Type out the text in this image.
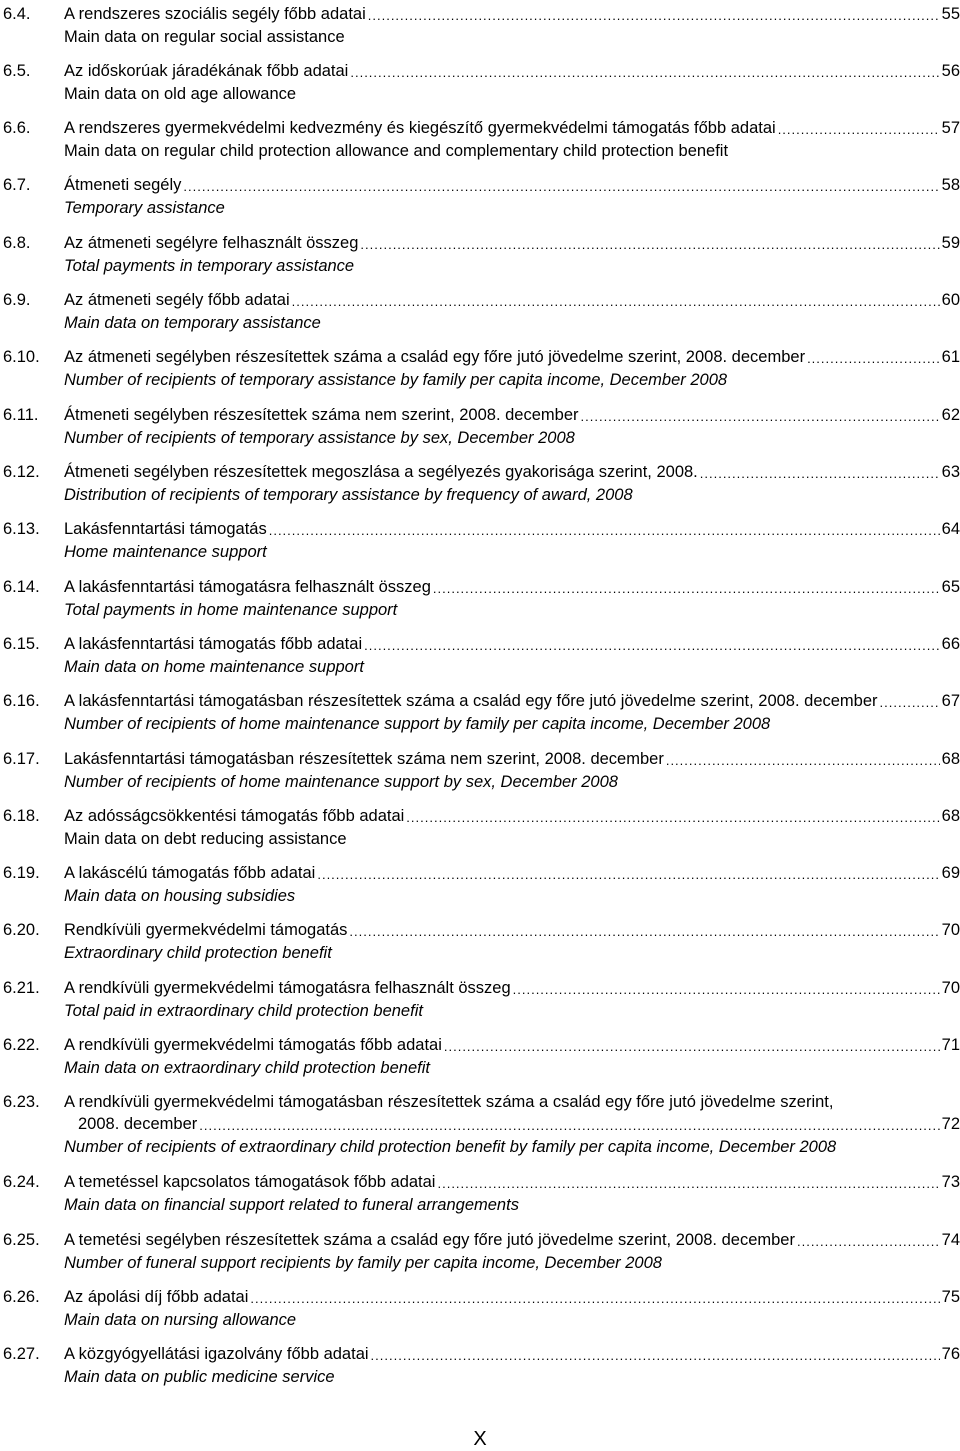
6.4.	A rendszeres szociális segély főbb adatai .....	55
Main data on regular social assistance
6.5.	Az időskorúak járadékának főbb adatai .....	56
Main data on old age allowance
6.6.	A rendszeres gyermekvédelmi kedvezmény és kiegészítő gyermekvédelmi támogatás főbb adatai .....	57
Main data on regular child protection allowance and complementary child protection benefit
6.7.	Átmeneti segély .....	58
Temporary assistance
6.8.	Az átmeneti segélyre felhasznált összeg .....	59
Total payments in temporary assistance
6.9.	Az átmeneti segély főbb adatai .....	60
Main data on temporary assistance
6.10.	Az átmeneti segélyben részesítettek száma a család egy főre jutó jövedelme szerint, 2008. december .....	61
Number of recipients of temporary assistance by family per capita income, December 2008
6.11.	Átmeneti segélyben részesítettek száma nem szerint, 2008. december .....	62
Number of recipients of temporary assistance by sex, December 2008
6.12.	Átmeneti segélyben részesítettek megoszlása a segélyezés gyakorisága szerint, 2008. .....	63
Distribution of recipients of temporary assistance by frequency of award, 2008
6.13.	Lakásfenntartási támogatás .....	64
Home maintenance support
6.14.	A lakásfenntartási támogatásra felhasznált összeg .....	65
Total payments in home maintenance support
6.15.	A lakásfenntartási támogatás főbb adatai .....	66
Main data on home maintenance support
6.16.	A lakásfenntartási támogatásban részesítettek száma a család egy főre jutó jövedelme szerint, 2008. december .....	67
Number of recipients of home maintenance support by family per capita income, December 2008
6.17.	Lakásfenntartási támogatásban részesítettek száma nem szerint, 2008. december .....	68
Number of recipients of home maintenance support by sex, December 2008
6.18.	Az adósságcsökkentési támogatás főbb adatai .....	68
Main data on debt reducing assistance
6.19.	A lakáscélú támogatás főbb adatai .....	69
Main data on housing subsidies
6.20.	Rendkívüli gyermekvédelmi támogatás .....	70
Extraordinary child protection benefit
6.21.	A rendkívüli gyermekvédelmi támogatásra felhasznált összeg .....	70
Total paid in extraordinary child protection benefit
6.22.	A rendkívüli gyermekvédelmi támogatás főbb adatai .....	71
Main data on extraordinary child protection benefit
6.23.	A rendkívüli gyermekvédelmi támogatásban részesítettek száma a család egy főre jutó jövedelme szerint,
2008. december .....	72
Number of recipients of extraordinary child protection benefit by family per capita income, December 2008
6.24.	A temetéssel kapcsolatos támogatások főbb adatai .....	73
Main data on financial support related to funeral arrangements
6.25.	A temetési segélyben részesítettek száma a család egy főre jutó jövedelme szerint, 2008. december .....	74
Number of funeral support recipients by family per capita income, December 2008
6.26.	Az ápolási díj főbb adatai .....	75
Main data on nursing allowance
6.27.	A közgyógyellátási igazolvány főbb adatai .....	76
Main data on public medicine service
X
